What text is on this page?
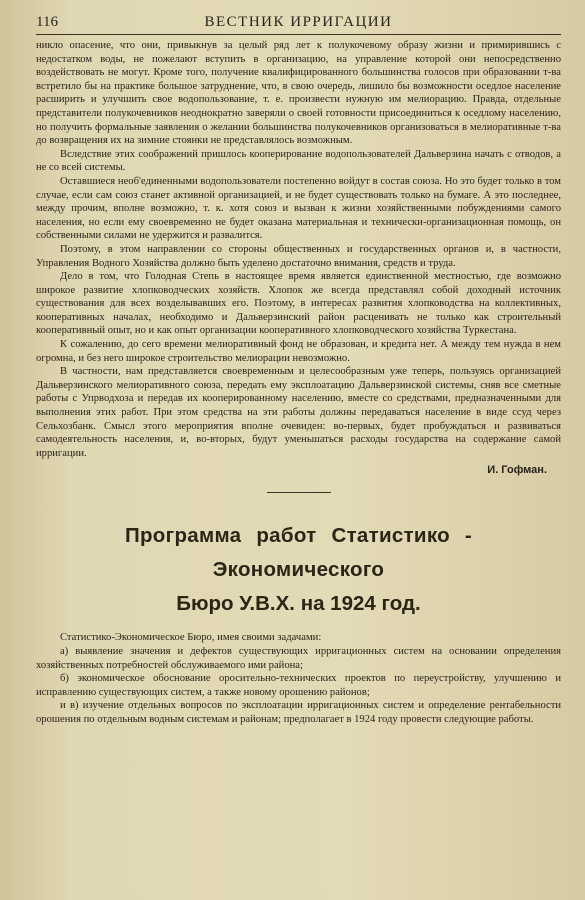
116	ВЕСТНИК ИРРИГАЦИИ

никло опасение, что они, привыкнув за целый ряд лет к полукочевому образу жизни и примирившись с недостатком воды, не пожелают вступить в организацию, на управление которой они непосредственно воздействовать не могут. Кроме того, получение квалифицированного большинства голосов при образовании т-ва встретило бы на практике большое затруднение, что, в свою очередь, лишило бы возможности оседлое население расширить и улучшить свое водопользование, т. е. произвести нужную им мелиорацию. Правда, отдельные представители полукочевников неоднократно заверяли о своей готовности присоединиться к оседлому населению, но получить формальные заявления о желании большинства полукочевников организоваться в мелиоративные т-ва до возвращения их на зимние стоянки не представлялось возможным.

Вследствие этих соображений пришлось кооперирование водопользователей Дальверзина начать с отводов, а не со всей системы.

Оставшиеся необ'единенными водопользователи постепенно войдут в состав союза. Но это будет только в том случае, если сам союз станет активной организацией, и не будет существовать только на бумаге. А это последнее, между прочим, вполне возможно, т. к. хотя союз и вызван к жизни хозяйственными побуждениями самого населения, но если ему своевременно не будет оказана материальная и технически-организационная помощь, он собственными силами не удержится и развалится.

Поэтому, в этом направлении со стороны общественных и государственных органов и, в частности, Управления Водного Хозяйства должно быть уделено достаточно внимания, средств и труда.

Дело в том, что Голодная Степь в настоящее время является единственной местностью, где возможно широкое развитие хлопководческих хозяйств. Хлопок же всегда представлял собой доходный источник существования для всех возделывавших его. Поэтому, в интересах развития хлопководства на коллективных, кооперативных началах, необходимо и Дальверзинский район расценивать не только как строительный кооперативный опыт, но и как опыт организации кооперативного хлопководческого хозяйства Туркестана.

К сожалению, до сего времени мелиоративный фонд не образован, и кредита нет. А между тем нужда в нем огромна, и без него широкое строительство мелиорации невозможно.

В частности, нам представляется своевременным и целесообразным уже теперь, пользуясь организацией Дальверзинского мелиоративного союза, передать ему эксплоатацию Дальверзинской системы, сняв все сметные работы с Упрводхоза и передав их кооперированному населению, вместе со средствами, предназначенными для выполнения этих работ. При этом средства на эти работы должны передаваться население в виде ссуд через Сельхозбанк. Смысл этого мероприятия вполне очевиден: во-первых, будет пробуждаться и развиваться самодеятельность населения, и, во-вторых, будут уменьшаться расходы государства на содержание самой ирригации.

И. Гофман.
Программа работ Статистико - Экономического
Бюро У.В.Х. на 1924 год.

Статистико-Экономическое Бюро, имея своими задачами:

а) выявление значения и дефектов существующих ирригационных систем на основании определения хозяйственных потребностей обслуживаемого ими района;

б) экономическое обоснование оросительно-технических проектов по переустройству, улучшению и исправлению существующих систем, а также новому орошению районов;

и в) изучение отдельных вопросов по эксплоатации ирригационных систем и определение рентабельности орошения по отдельным водным системам и районам; предполагает в 1924 году провести следующие работы.
